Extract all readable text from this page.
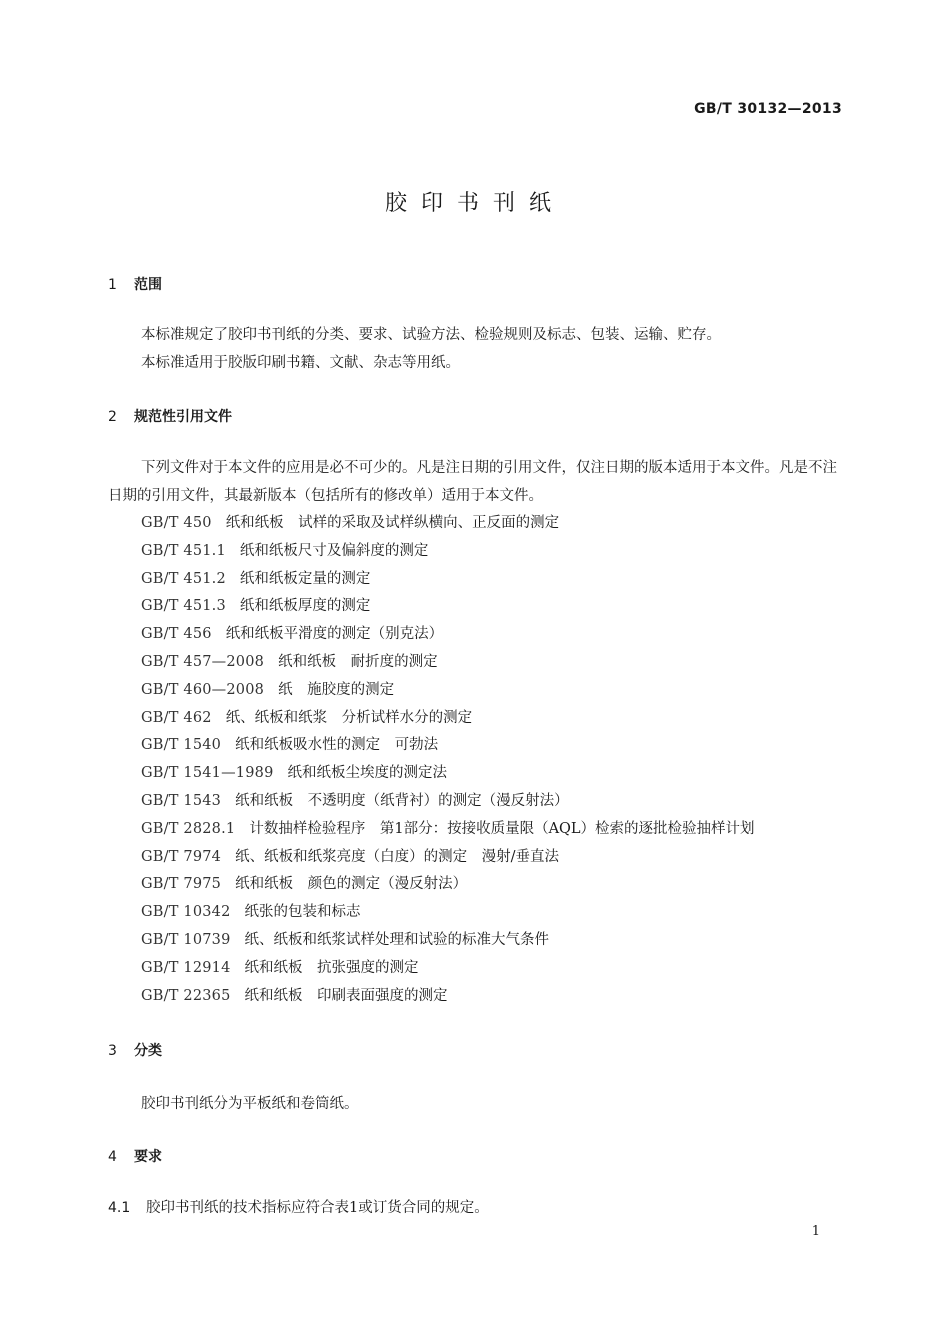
GB/T 30132—2013
胶印书刊纸
1 范围
本标准规定了胶印书刊纸的分类、要求、试验方法、检验规则及标志、包装、运输、贮存。
本标准适用于胶版印刷书籍、文献、杂志等用纸。
2 规范性引用文件
下列文件对于本文件的应用是必不可少的。凡是注日期的引用文件，仅注日期的版本适用于本文件。凡是不注日期的引用文件，其最新版本（包括所有的修改单）适用于本文件。
GB/T 450 纸和纸板　试样的采取及试样纵横向、正反面的测定
GB/T 451.1 纸和纸板尺寸及偏斜度的测定
GB/T 451.2 纸和纸板定量的测定
GB/T 451.3 纸和纸板厚度的测定
GB/T 456 纸和纸板平滑度的测定（别克法）
GB/T 457—2008 纸和纸板　耐折度的测定
GB/T 460—2008 纸　施胶度的测定
GB/T 462 纸、纸板和纸浆　分析试样水分的测定
GB/T 1540 纸和纸板吸水性的测定　可勃法
GB/T 1541—1989 纸和纸板尘埃度的测定法
GB/T 1543 纸和纸板　不透明度（纸背衬）的测定（漫反射法）
GB/T 2828.1 计数抽样检验程序　第1部分：按接收质量限（AQL）检索的逐批检验抽样计划
GB/T 7974 纸、纸板和纸浆亮度（白度）的测定　漫射/垂直法
GB/T 7975 纸和纸板　颜色的测定（漫反射法）
GB/T 10342 纸张的包装和标志
GB/T 10739 纸、纸板和纸浆试样处理和试验的标准大气条件
GB/T 12914 纸和纸板　抗张强度的测定
GB/T 22365 纸和纸板　印刷表面强度的测定
3 分类
胶印书刊纸分为平板纸和卷筒纸。
4 要求
4.1 胶印书刊纸的技术指标应符合表1或订货合同的规定。
1
